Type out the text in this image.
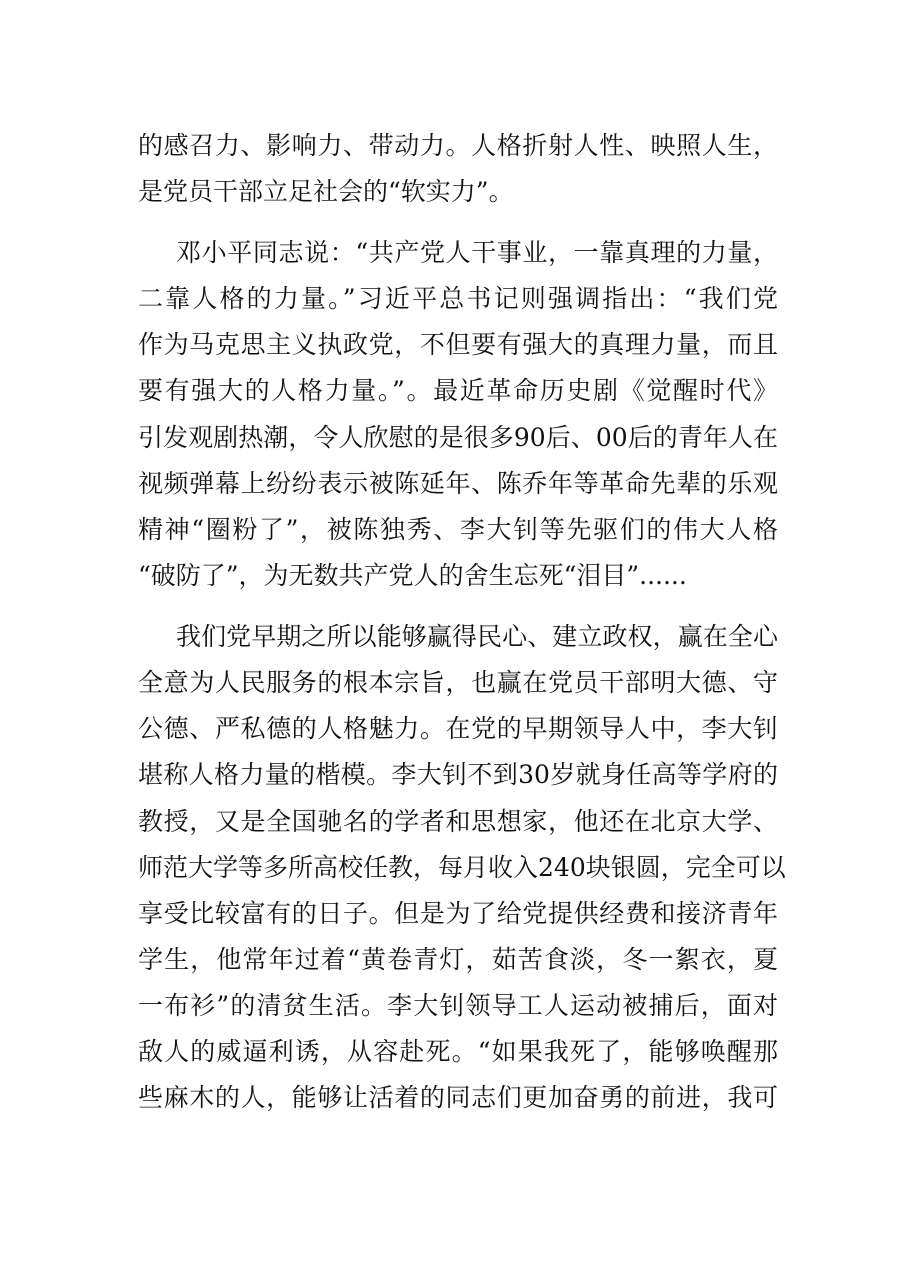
的感召力、影响力、带动力。人格折射人性、映照人生，
是党员干部立足社会的“软实力”。
邓小平同志说：“共产党人干事业，一靠真理的力量，
二靠人格的力量。”习近平总书记则强调指出：“我们党
作为马克思主义执政党，不但要有强大的真理力量，而且
要有强大的人格力量。”。最近革命历史剧《觉醒时代》
引发观剧热潮，令人欣慰的是很多90后、00后的青年人在
视频弹幕上纷纷表示被陈延年、陈乔年等革命先辈的乐观
精神“圈粉了”，被陈独秀、李大钊等先驱们的伟大人格
“破防了”，为无数共产党人的舍生忘死“泪目”......
我们党早期之所以能够赢得民心、建立政权，赢在全心
全意为人民服务的根本宗旨，也赢在党员干部明大德、守
公德、严私德的人格魅力。在党的早期领导人中，李大钊
堪称人格力量的楷模。李大钊不到30岁就身任高等学府的
教授，又是全国驰名的学者和思想家，他还在北京大学、
师范大学等多所高校任教，每月收入240块银圆，完全可以
享受比较富有的日子。但是为了给党提供经费和接济青年
学生，他常年过着“黄卷青灯，茹苦食淡，冬一絮衣，夏
一布衫”的清贫生活。李大钊领导工人运动被捕后，面对
敌人的威逼利诱，从容赴死。“如果我死了，能够唤醒那
些麻木的人，能够让活着的同志们更加奋勇的前进，我可
